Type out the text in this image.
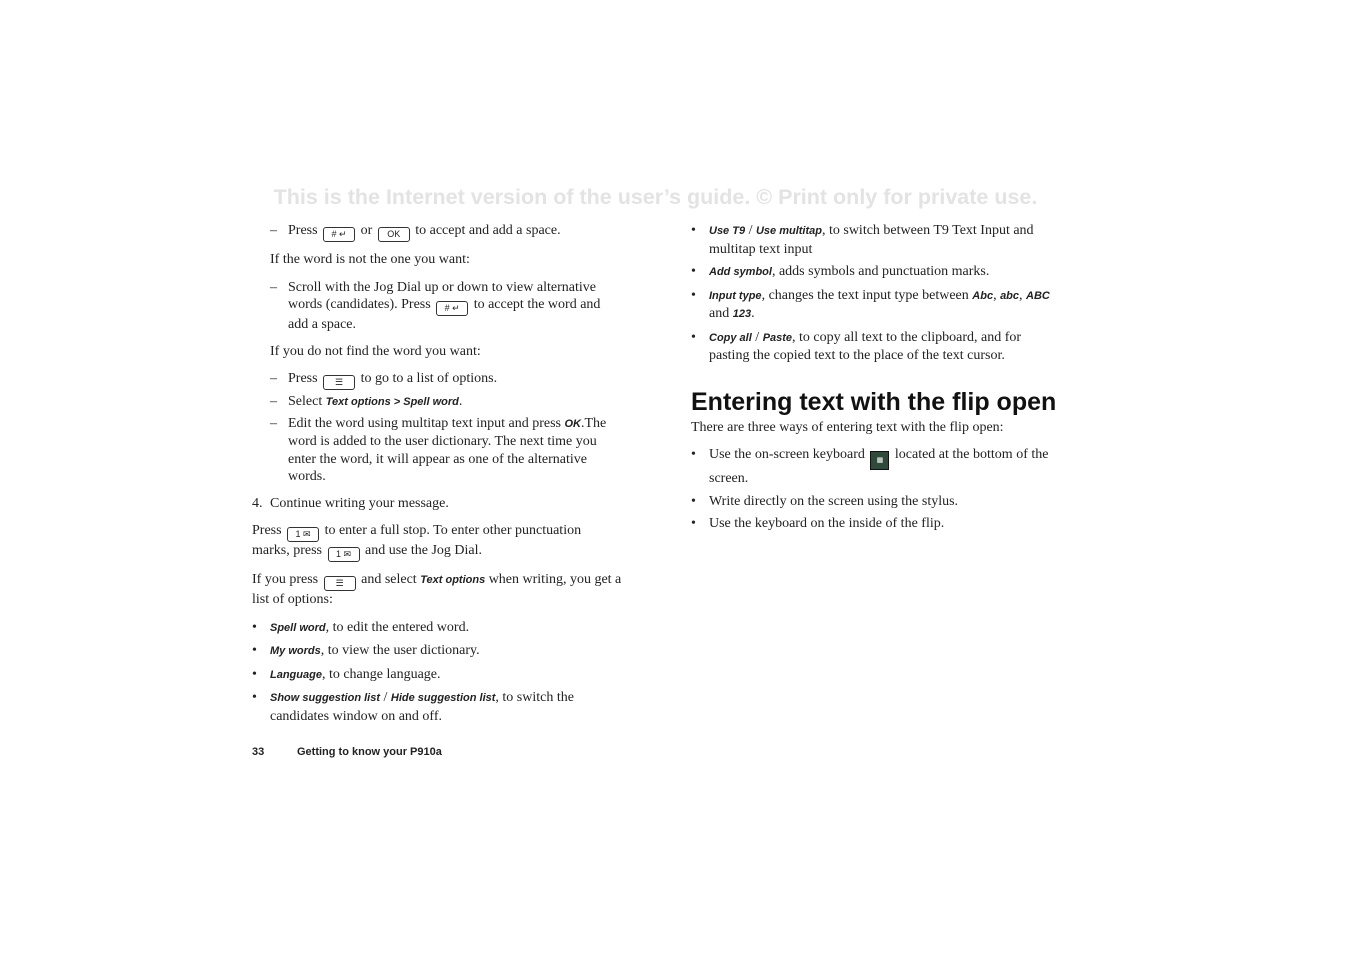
This is the Internet version of the user’s guide. © Print only for private use.

– Press # ↵ or OK to accept and add a space.

If the word is not the one you want:

– Scroll with the Jog Dial up or down to view alternative words (candidates). Press # ↵ to accept the word and add a space.

If you do not find the word you want:

– Press ☰ to go to a list of options.

– Select Text options > Spell word.

– Edit the word using multitap text input and press OK.The word is added to the user dictionary. The next time you enter the word, it will appear as one of the alternative words.

4. Continue writing your message.

Press 1 ✉ to enter a full stop. To enter other punctuation marks, press 1 ✉ and use the Jog Dial.

If you press ☰ and select Text options when writing, you get a list of options:

• Spell word, to edit the entered word.

• My words, to view the user dictionary.

• Language, to change language.

• Show suggestion list / Hide suggestion list, to switch the candidates window on and off.

• Use T9 / Use multitap, to switch between T9 Text Input and multitap text input

• Add symbol, adds symbols and punctuation marks.

• Input type, changes the text input type between Abc, abc, ABC and 123.

• Copy all / Paste, to copy all text to the clipboard, and for pasting the copied text to the place of the text cursor.

Entering text with the flip open

There are three ways of entering text with the flip open:

• Use the on-screen keyboard ▦ located at the bottom of the screen.

• Write directly on the screen using the stylus.

• Use the keyboard on the inside of the flip.

33	Getting to know your P910a
